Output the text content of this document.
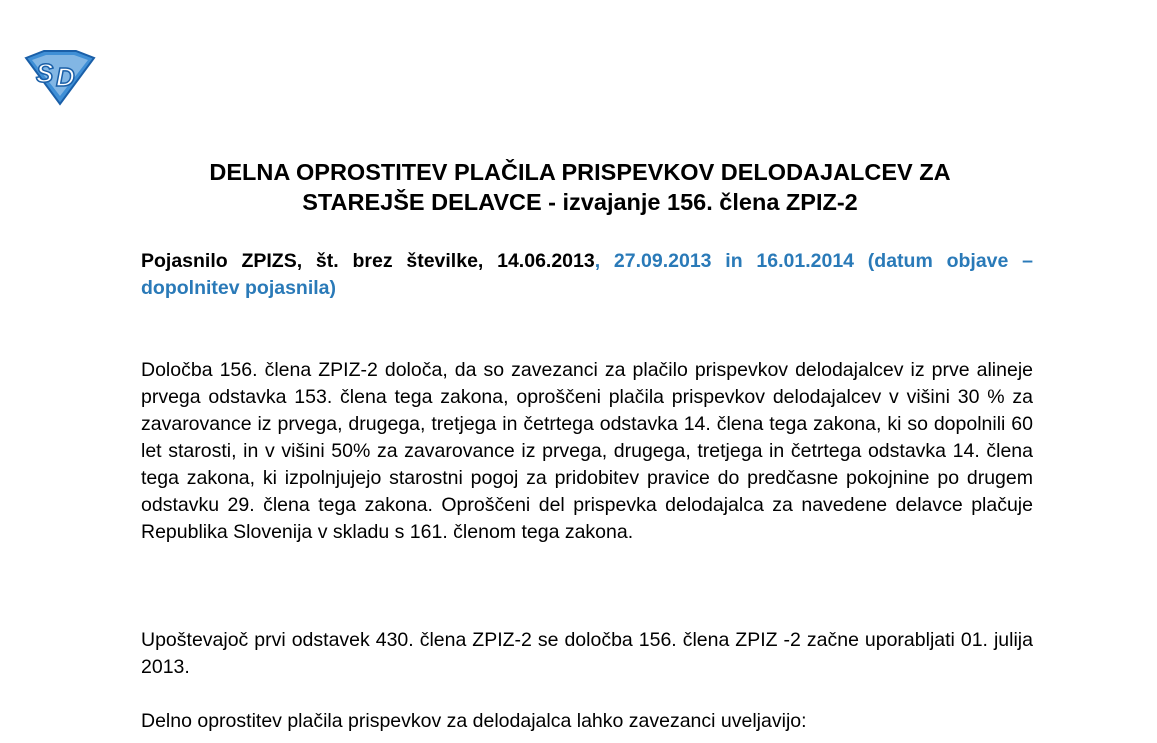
S D
DELNA OPROSTITEV PLAČILA PRISPEVKOV DELODAJALCEV ZA
STAREJŠE DELAVCE - izvajanje 156. člena ZPIZ-2

Pojasnilo ZPIZS, št. brez številke, 14.06.2013, 27.09.2013 in 16.01.2014 (datum objave – dopolnitev pojasnila)

Določba 156. člena ZPIZ-2 določa, da so zavezanci za plačilo prispevkov delodajalcev iz prve alineje prvega odstavka 153. člena tega zakona, oproščeni plačila prispevkov delodajalcev v višini 30 % za zavarovance iz prvega, drugega, tretjega in četrtega odstavka 14. člena tega zakona, ki so dopolnili 60 let starosti, in v višini 50% za zavarovance iz prvega, drugega, tretjega in četrtega odstavka 14. člena tega zakona, ki izpolnjujejo starostni pogoj za pridobitev pravice do predčasne pokojnine po drugem odstavku 29. člena tega zakona. Oproščeni del prispevka delodajalca za navedene delavce plačuje Republika Slovenija v skladu s 161. členom tega zakona.

Upoštevajoč prvi odstavek 430. člena ZPIZ-2 se določba 156. člena ZPIZ -2 začne uporabljati 01. julija 2013.

Delno oprostitev plačila prispevkov za delodajalca lahko zavezanci uveljavijo:
